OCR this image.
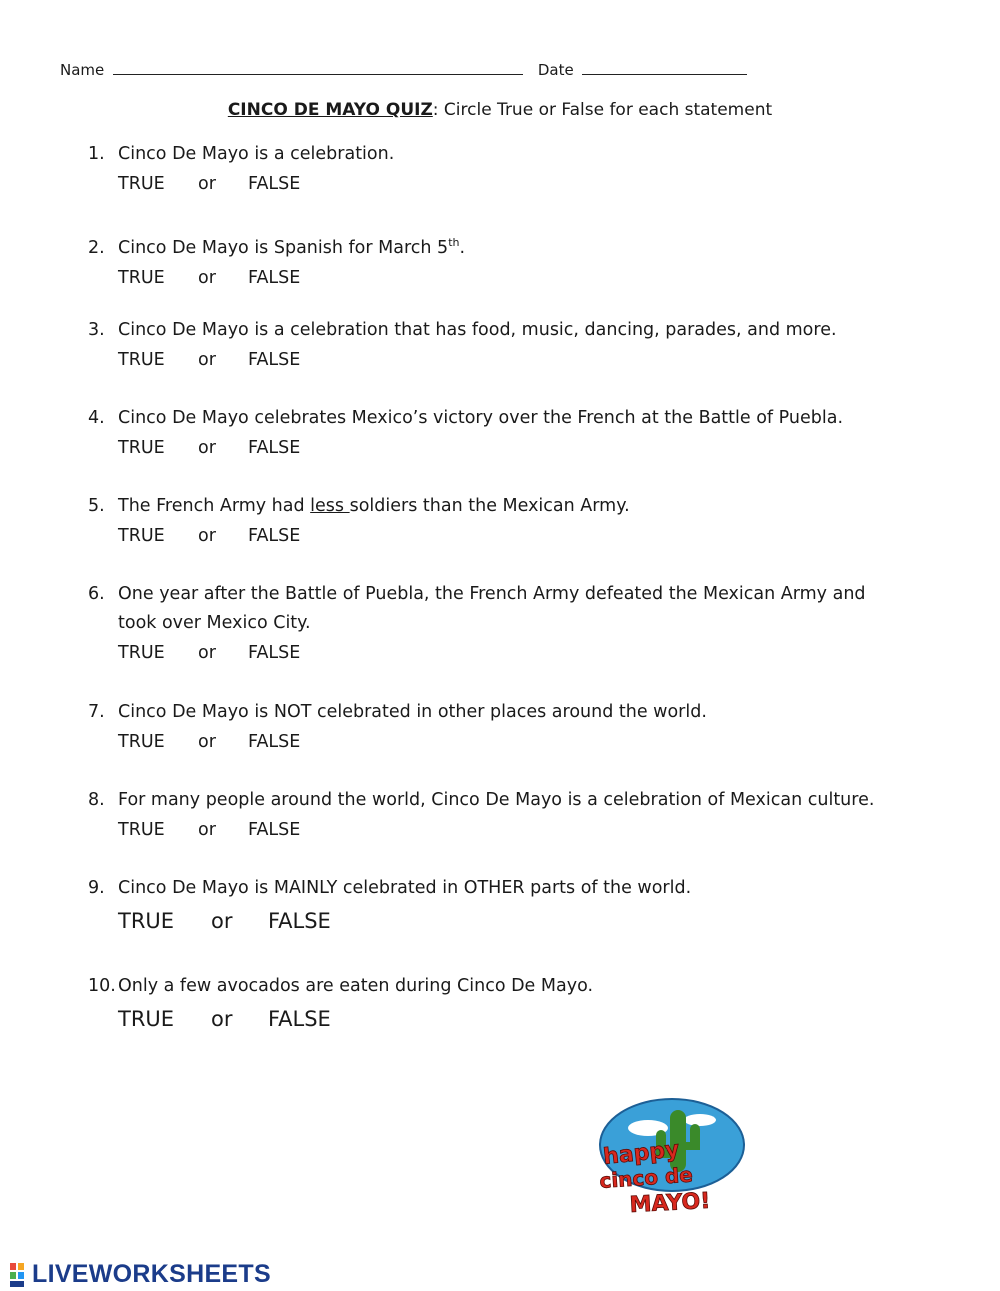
Name	Date
CINCO DE MAYO QUIZ: Circle True or False for each statement
1. Cinco De Mayo is a celebration.
TRUE or FALSE
2. Cinco De Mayo is Spanish for March 5th.
TRUE or FALSE
3. Cinco De Mayo is a celebration that has food, music, dancing, parades, and more.
TRUE or FALSE
4. Cinco De Mayo celebrates Mexico’s victory over the French at the Battle of Puebla.
TRUE or FALSE
5. The French Army had less soldiers than the Mexican Army.
TRUE or FALSE
6. One year after the Battle of Puebla, the French Army defeated the Mexican Army and
took over Mexico City.
TRUE or FALSE
7. Cinco De Mayo is NOT celebrated in other places around the world.
TRUE or FALSE
8. For many people around the world, Cinco De Mayo is a celebration of Mexican culture.
TRUE or FALSE
9. Cinco De Mayo is MAINLY celebrated in OTHER parts of the world.
TRUE or FALSE
10. Only a few avocados are eaten during Cinco De Mayo.
TRUE or FALSE
happy
cinco de
MAYO!
LIVEWORKSHEETS
